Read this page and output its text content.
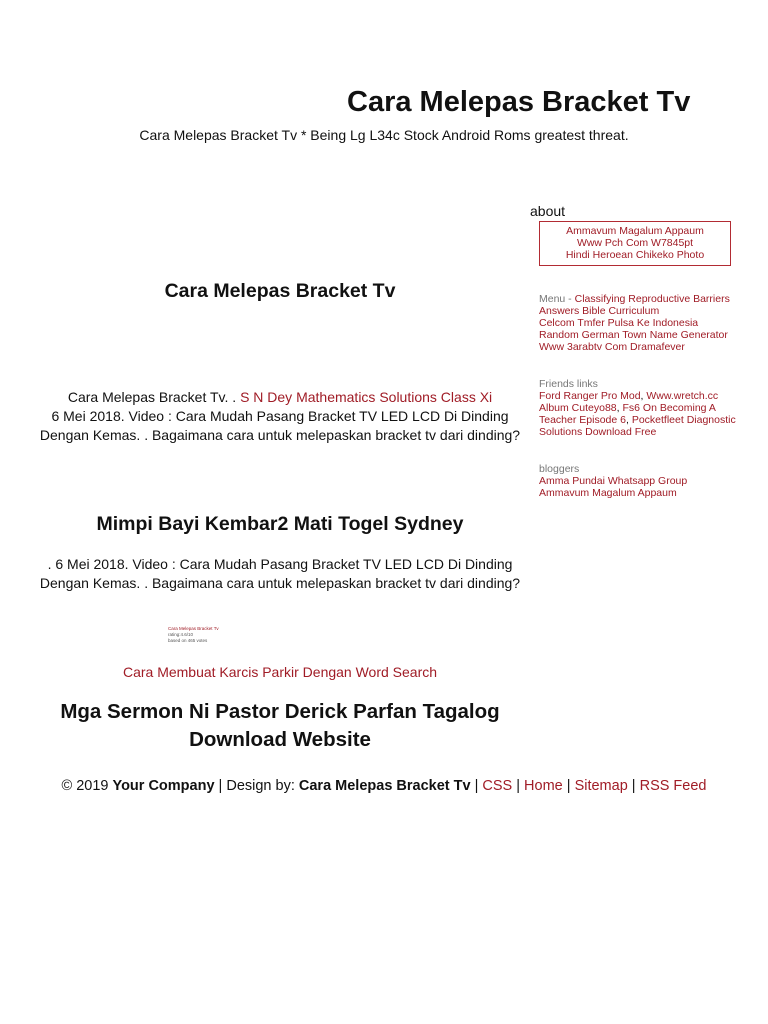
Cara Melepas Bracket Tv
Cara Melepas Bracket Tv * Being Lg L34c Stock Android Roms greatest threat.
about
Ammavum Magalum Appaum
Www Pch Com W7845pt
Hindi Heroean Chikeko Photo
Menu - Classifying Reproductive Barriers Answers Bible Curriculum
Celcom Tmfer Pulsa Ke Indonesia
Random German Town Name Generator
Www 3arabtv Com Dramafever
Friends links
Ford Ranger Pro Mod, Www.wretch.cc Album Cuteyo88, Fs6 On Becoming A Teacher Episode 6, Pocketfleet Diagnostic Solutions Download Free
bloggers
Amma Pundai Whatsapp Group
Ammavum Magalum Appaum
Cara Melepas Bracket Tv
Cara Melepas Bracket Tv. . S N Dey Mathematics Solutions Class Xi
6 Mei 2018. Video : Cara Mudah Pasang Bracket TV LED LCD Di Dinding Dengan Kemas. . Bagaimana cara untuk melepaskan bracket tv dari dinding?
Mimpi Bayi Kembar2 Mati Togel Sydney
. 6 Mei 2018. Video : Cara Mudah Pasang Bracket TV LED LCD Di Dinding Dengan Kemas. . Bagaimana cara untuk melepaskan bracket tv dari dinding?
Cara Melepas Bracket Tv
rating:4.6/10
based on 465 votes
Cara Membuat Karcis Parkir Dengan Word Search
Mga Sermon Ni Pastor Derick Parfan Tagalog Download Website
© 2019 Your Company | Design by: Cara Melepas Bracket Tv | CSS | Home | Sitemap | RSS Feed
